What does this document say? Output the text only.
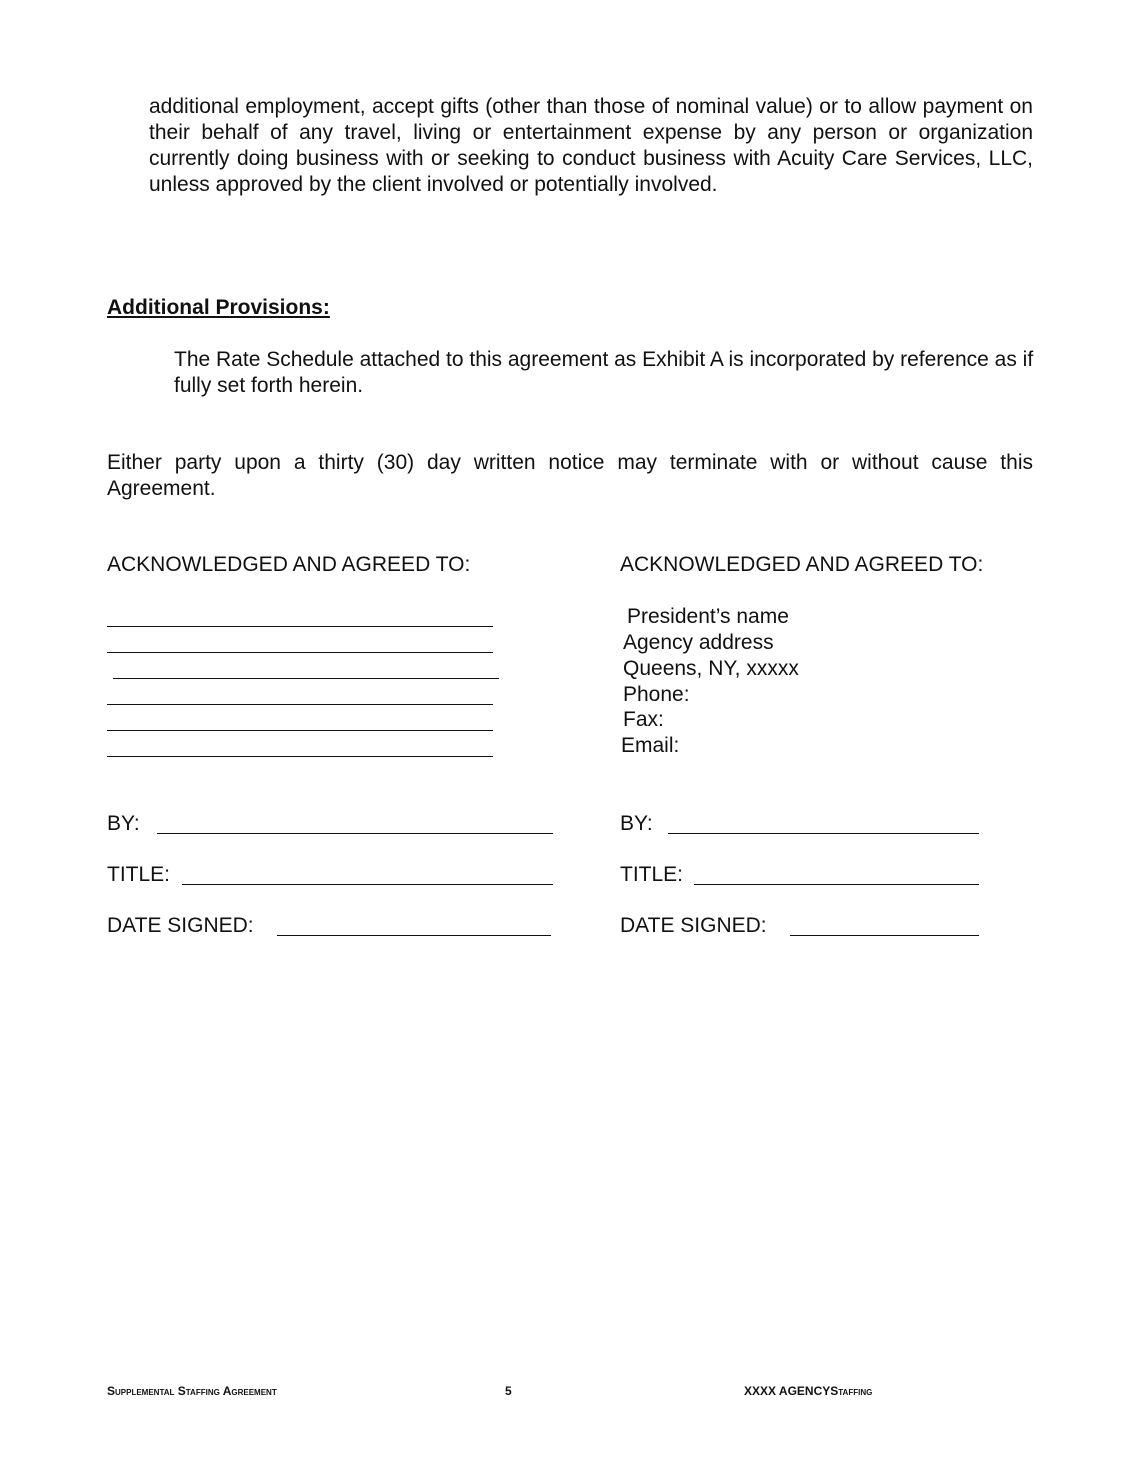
additional employment, accept gifts (other than those of nominal value) or to allow payment on their behalf of any travel, living or entertainment expense by any person or organization currently doing business with or seeking to conduct business with Acuity Care Services, LLC, unless approved by the client involved or potentially involved.

Additional Provisions:

The Rate Schedule attached to this agreement as Exhibit A is incorporated by reference as if fully set forth herein.

Either party upon a thirty (30) day written notice may terminate with or without cause this Agreement.

ACKNOWLEDGED AND AGREED TO:
BY:
TITLE:
DATE SIGNED:
ACKNOWLEDGED AND AGREED TO:
President’s name
Agency address
Queens, NY, xxxxx
Phone:
Fax:
Email:
BY:
TITLE:
DATE SIGNED:
Supplemental Staffing Agreement	5	XXXX AGENCYStaffing
